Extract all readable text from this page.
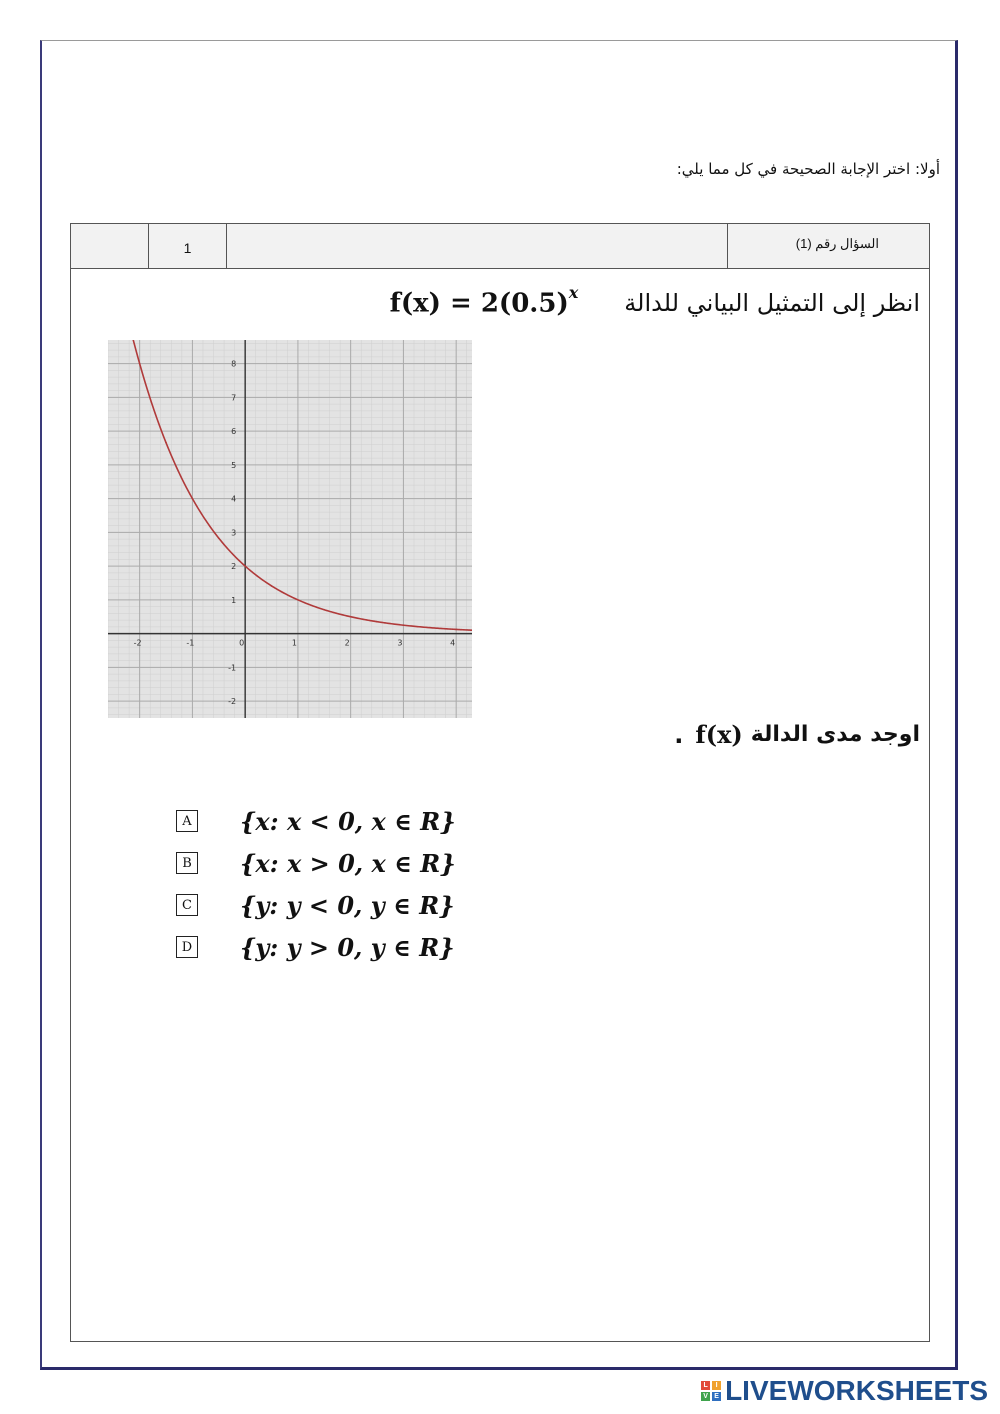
أولا: اختر الإجابة الصحيحة في كل مما يلي:
1	السؤال رقم (1)
$f(x) = 2(0.5)^x$ انظر إلى التمثيل البياني للدالة
-2	-1	0	1	2	3	4
8
7
6
5
4
3
2
1
-1
-2
. f(x) اوجد مدى الدالة
A {x: x < 0, x ∈ R}
B {x: x > 0, x ∈ R}
C {y: y < 0, y ∈ R}
D {y: y > 0, y ∈ R}
L	I
V E LIVEWORKSHEETS
